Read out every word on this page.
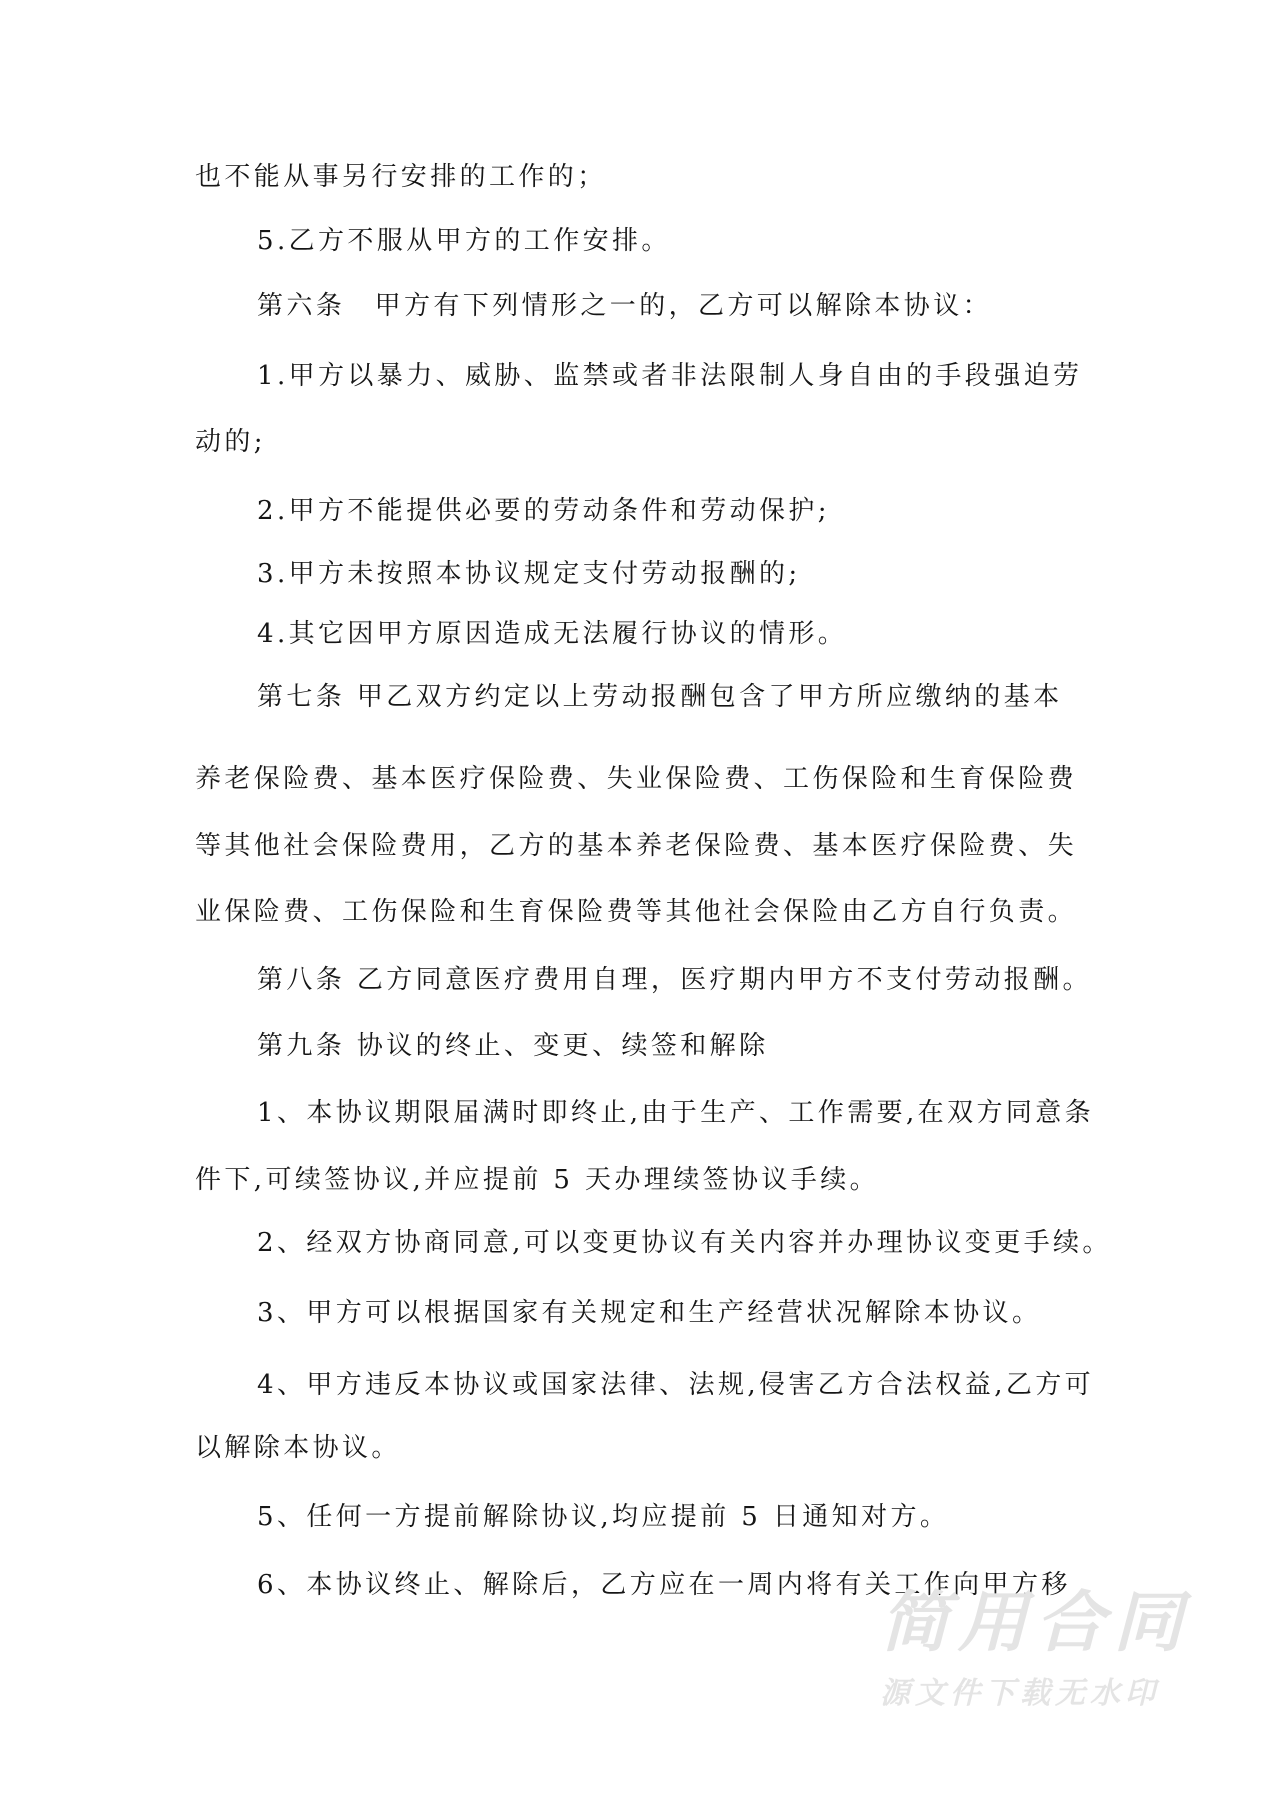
也不能从事另行安排的工作的；
5.乙方不服从甲方的工作安排。
第六条　甲方有下列情形之一的，乙方可以解除本协议：
1.甲方以暴力、威胁、监禁或者非法限制人身自由的手段强迫劳
动的;
2.甲方不能提供必要的劳动条件和劳动保护;
3.甲方未按照本协议规定支付劳动报酬的;
4.其它因甲方原因造成无法履行协议的情形。
第七条 甲乙双方约定以上劳动报酬包含了甲方所应缴纳的基本
养老保险费、基本医疗保险费、失业保险费、工伤保险和生育保险费
等其他社会保险费用，乙方的基本养老保险费、基本医疗保险费、失
业保险费、工伤保险和生育保险费等其他社会保险由乙方自行负责。
第八条 乙方同意医疗费用自理，医疗期内甲方不支付劳动报酬。
第九条 协议的终止、变更、续签和解除
1、本协议期限届满时即终止,由于生产、工作需要,在双方同意条
件下,可续签协议,并应提前 5 天办理续签协议手续。
2、经双方协商同意,可以变更协议有关内容并办理协议变更手续。
3、甲方可以根据国家有关规定和生产经营状况解除本协议。
4、甲方违反本协议或国家法律、法规,侵害乙方合法权益,乙方可
以解除本协议。
5、任何一方提前解除协议,均应提前 5 日通知对方。
6、本协议终止、解除后，乙方应在一周内将有关工作向甲方移
简用合同
源文件下载无水印
